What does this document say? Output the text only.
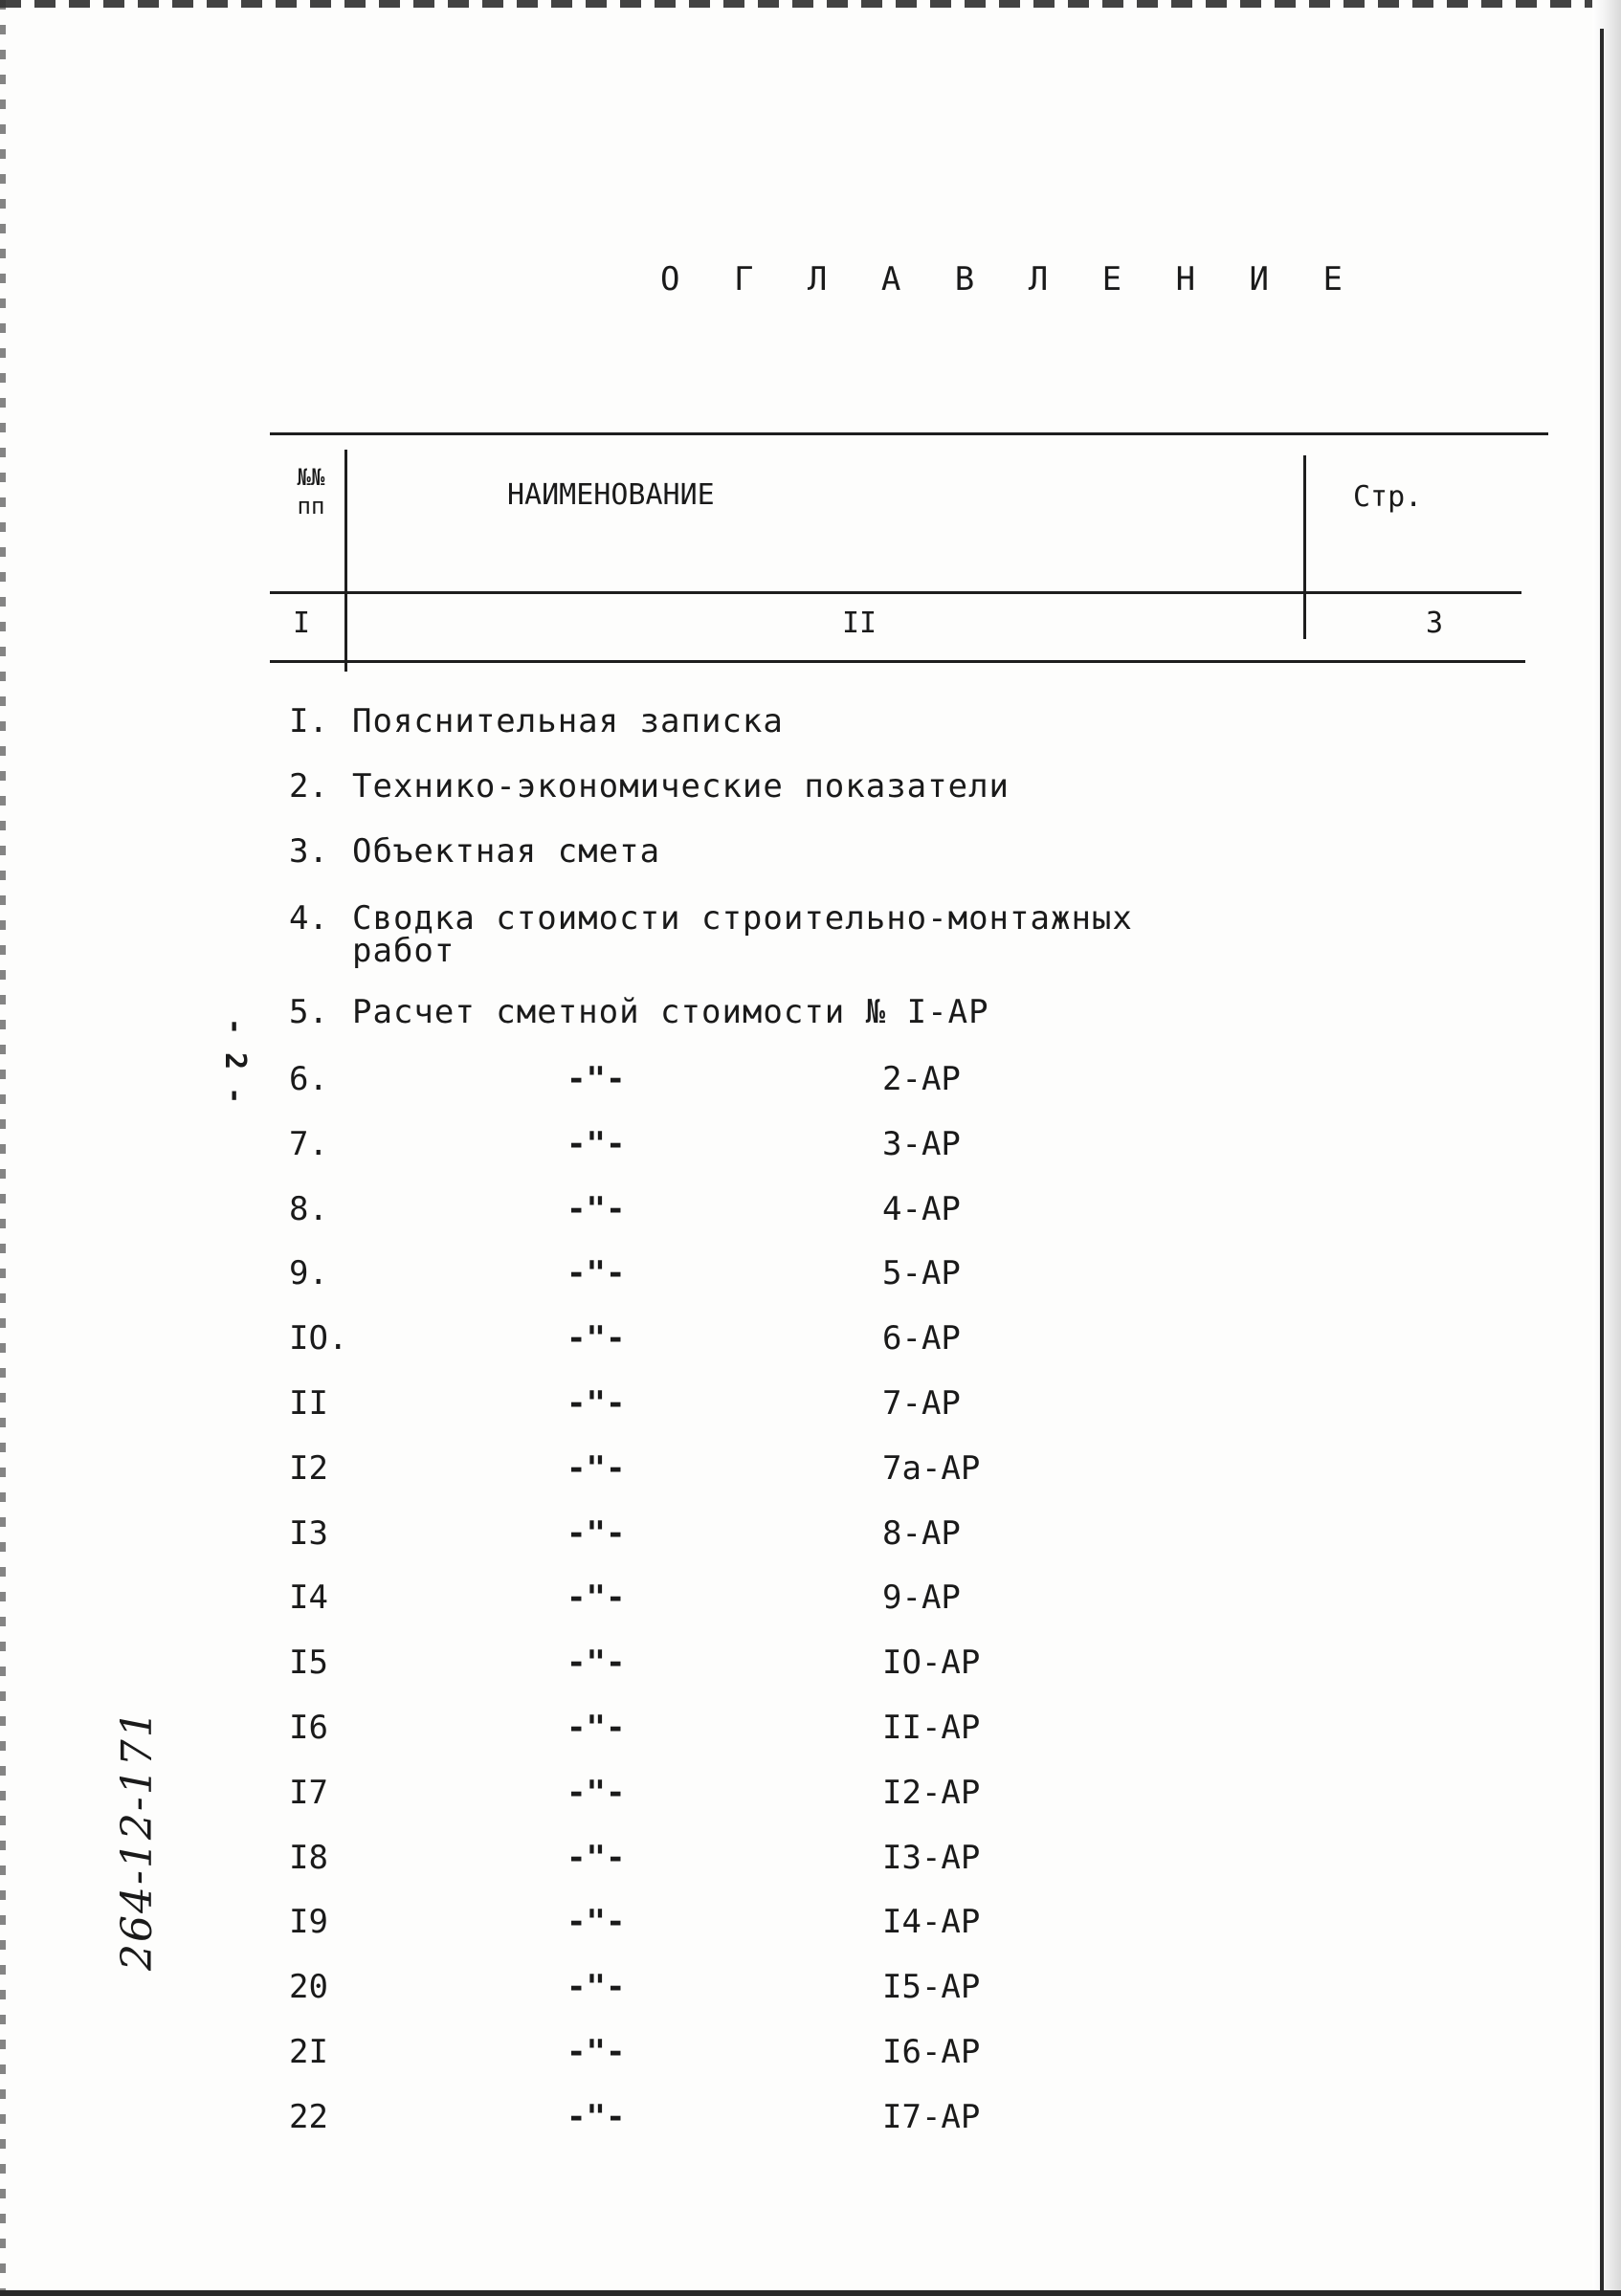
О Г Л А В Л Е Н И Е
№№
пп	НАИМЕНОВАНИЕ	Стр.
I	II	3
I. Пояснительная записка
2. Технико-экономические показатели
3. Объектная смета
4. Сводка стоимости строительно-монтажных
работ
5. Расчет сметной стоимости № I-АР
6.	-"-	2-АР
7.	-"-	3-АР
8.	-"-	4-АР
9.	-"-	5-АР
IO.	-"-	6-АР
II	-"-	7-АР
I2	-"-	7а-АР
I3	-"-	8-АР
I4	-"-	9-АР
I5	-"-	IO-АР
I6	-"-	II-АР
I7	-"-	I2-АР
I8	-"-	I3-АР
I9	-"-	I4-АР
20	-"-	I5-АР
2I	-"-	I6-АР
22	-"-	I7-АР
- 2 -
264-12-171
